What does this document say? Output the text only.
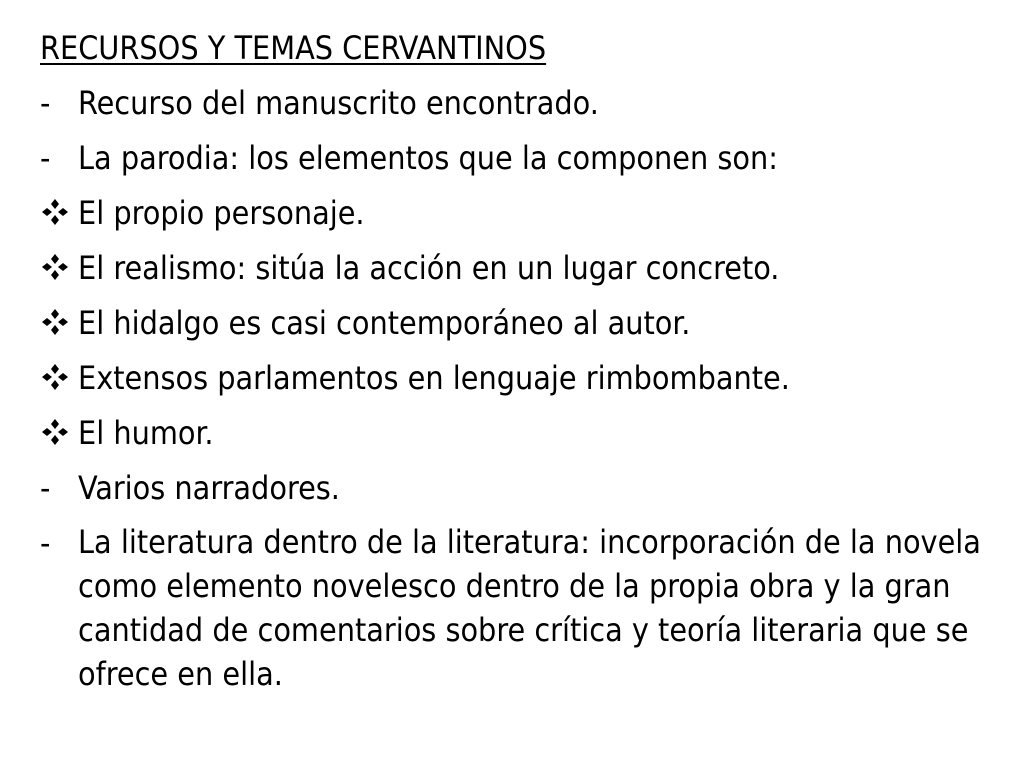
RECURSOS Y TEMAS CERVANTINOS
- Recurso del manuscrito encontrado.
- La parodia: los elementos que la componen son:
El propio personaje.
El realismo: sitúa la acción en un lugar concreto.
El hidalgo es casi contemporáneo al autor.
Extensos parlamentos en lenguaje rimbombante.
El humor.
- Varios narradores.
- La literatura dentro de la literatura: incorporación de la novela como elemento novelesco dentro de la propia obra y la gran cantidad de comentarios sobre crítica y teoría literaria que se ofrece en ella.
